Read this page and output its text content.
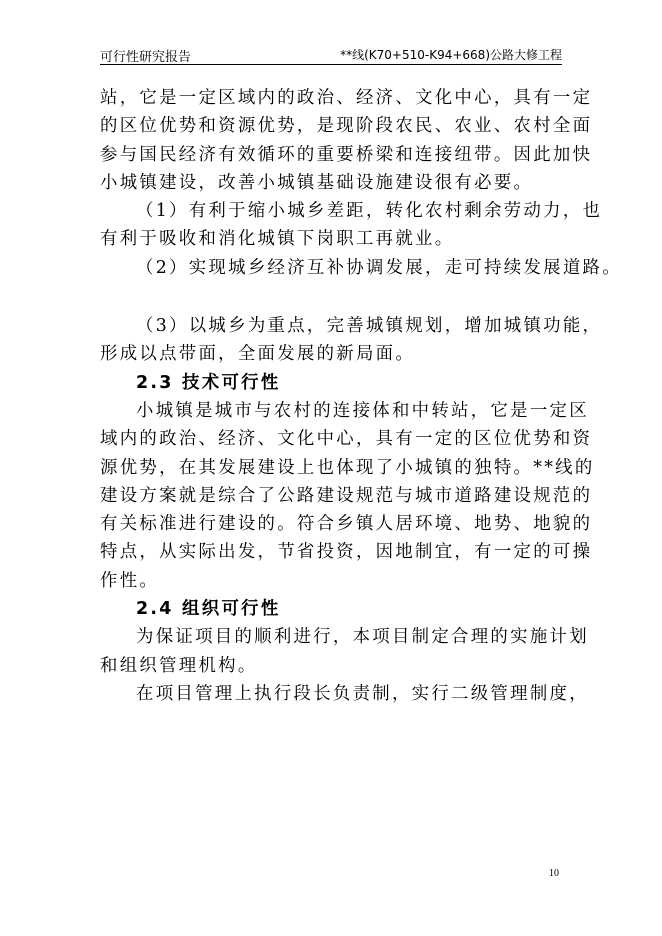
可行性研究报告	**线(K70+510-K94+668)公路大修工程

站，它是一定区域内的政治、经济、文化中心，具有一定

的区位优势和资源优势，是现阶段农民、农业、农村全面

参与国民经济有效循环的重要桥梁和连接纽带。因此加快

小城镇建设，改善小城镇基础设施建设很有必要。

（1）有利于缩小城乡差距，转化农村剩余劳动力，也

有利于吸收和消化城镇下岗职工再就业。

（2）实现城乡经济互补协调发展，走可持续发展道路。

（3）以城乡为重点，完善城镇规划，增加城镇功能，

形成以点带面，全面发展的新局面。

2.3 技术可行性

小城镇是城市与农村的连接体和中转站，它是一定区

域内的政治、经济、文化中心，具有一定的区位优势和资

源优势，在其发展建设上也体现了小城镇的独特。**线的

建设方案就是综合了公路建设规范与城市道路建设规范的

有关标准进行建设的。符合乡镇人居环境、地势、地貌的

特点，从实际出发，节省投资，因地制宜，有一定的可操

作性。

2.4 组织可行性

为保证项目的顺利进行，本项目制定合理的实施计划

和组织管理机构。

在项目管理上执行段长负责制，实行二级管理制度，

10
